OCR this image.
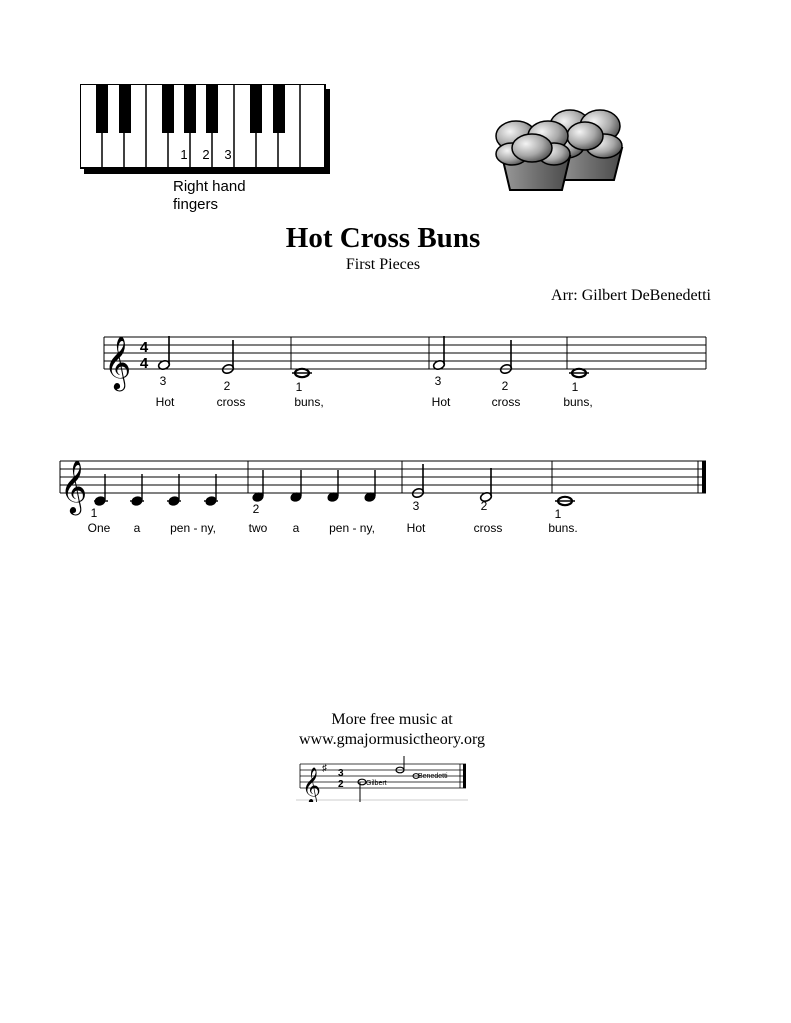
1 2 3
Right hand
fingers
Hot Cross Buns
First Pieces
Arr: Gilbert DeBenedetti
𝄞 4
4
3	2	1	3	2	1
Hot	cross	buns,	Hot	cross	buns,
𝄞
1	2	3	2
1
One a pen - ny,	two a pen - ny,	Hot	cross	buns.
More free music at
www.gmajormusictheory.org
𝄞 ♯ 3
2	Gilbert
Benedetti
